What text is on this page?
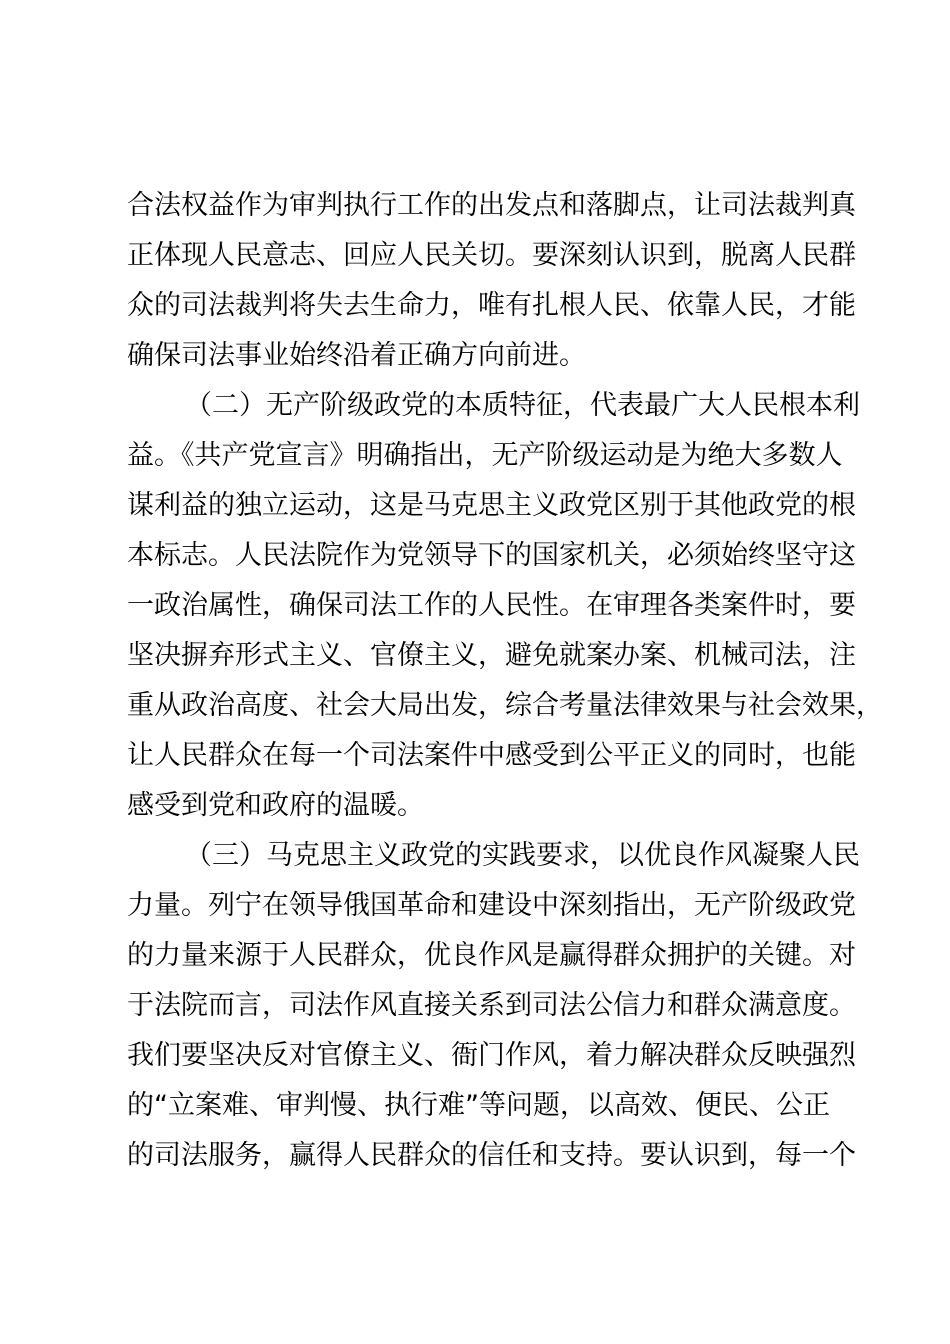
合法权益作为审判执行工作的出发点和落脚点，让司法裁判真
正体现人民意志、回应人民关切。要深刻认识到，脱离人民群
众的司法裁判将失去生命力，唯有扎根人民、依靠人民，才能
确保司法事业始终沿着正确方向前进。
（二）无产阶级政党的本质特征，代表最广大人民根本利
益。《共产党宣言》明确指出，无产阶级运动是为绝大多数人
谋利益的独立运动，这是马克思主义政党区别于其他政党的根
本标志。人民法院作为党领导下的国家机关，必须始终坚守这
一政治属性，确保司法工作的人民性。在审理各类案件时，要
坚决摒弃形式主义、官僚主义，避免就案办案、机械司法，注
重从政治高度、社会大局出发，综合考量法律效果与社会效果，
让人民群众在每一个司法案件中感受到公平正义的同时，也能
感受到党和政府的温暖。
（三）马克思主义政党的实践要求，以优良作风凝聚人民
力量。列宁在领导俄国革命和建设中深刻指出，无产阶级政党
的力量来源于人民群众，优良作风是赢得群众拥护的关键。对
于法院而言，司法作风直接关系到司法公信力和群众满意度。
我们要坚决反对官僚主义、衙门作风，着力解决群众反映强烈
的“立案难、审判慢、执行难”等问题，以高效、便民、公正
的司法服务，赢得人民群众的信任和支持。要认识到，每一个
